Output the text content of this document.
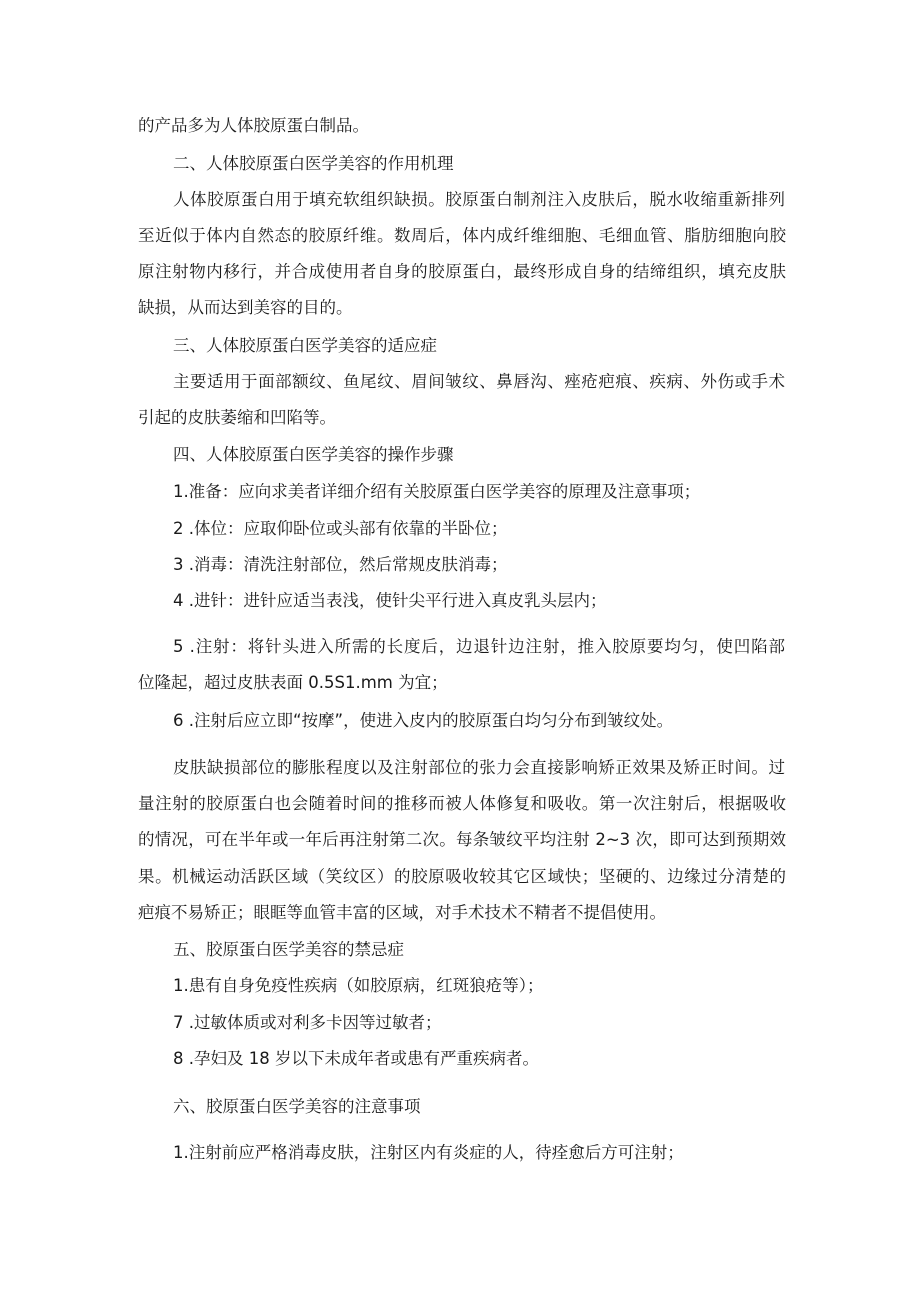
的产品多为人体胶原蛋白制品。

二、人体胶原蛋白医学美容的作用机理

人体胶原蛋白用于填充软组织缺损。胶原蛋白制剂注入皮肤后，脱水收缩重新排列

至近似于体内自然态的胶原纤维。数周后，体内成纤维细胞、毛细血管、脂肪细胞向胶

原注射物内移行，并合成使用者自身的胶原蛋白，最终形成自身的结缔组织，填充皮肤

缺损，从而达到美容的目的。

三、人体胶原蛋白医学美容的适应症

主要适用于面部额纹、鱼尾纹、眉间皱纹、鼻唇沟、痤疮疤痕、疾病、外伤或手术

引起的皮肤萎缩和凹陷等。

四、人体胶原蛋白医学美容的操作步骤

1.准备：应向求美者详细介绍有关胶原蛋白医学美容的原理及注意事项；

2 .体位：应取仰卧位或头部有依靠的半卧位；

3 .消毒：清洗注射部位，然后常规皮肤消毒；

4 .进针：进针应适当表浅，使针尖平行进入真皮乳头层内；

5 .注射：将针头进入所需的长度后，边退针边注射，推入胶原要均匀，使凹陷部

位隆起，超过皮肤表面 0.5S1.mm 为宜；

6 .注射后应立即“按摩”，使进入皮内的胶原蛋白均匀分布到皱纹处。

皮肤缺损部位的膨胀程度以及注射部位的张力会直接影响矫正效果及矫正时间。过

量注射的胶原蛋白也会随着时间的推移而被人体修复和吸收。第一次注射后，根据吸收

的情况，可在半年或一年后再注射第二次。每条皱纹平均注射 2~3 次，即可达到预期效

果。机械运动活跃区域（笑纹区）的胶原吸收较其它区域快；坚硬的、边缘过分清楚的

疤痕不易矫正；眼眶等血管丰富的区域，对手术技术不精者不提倡使用。

五、胶原蛋白医学美容的禁忌症

1.患有自身免疫性疾病（如胶原病，红斑狼疮等）；

7 .过敏体质或对利多卡因等过敏者；

8 .孕妇及 18 岁以下未成年者或患有严重疾病者。

六、胶原蛋白医学美容的注意事项

1.注射前应严格消毒皮肤，注射区内有炎症的人，待痊愈后方可注射；
